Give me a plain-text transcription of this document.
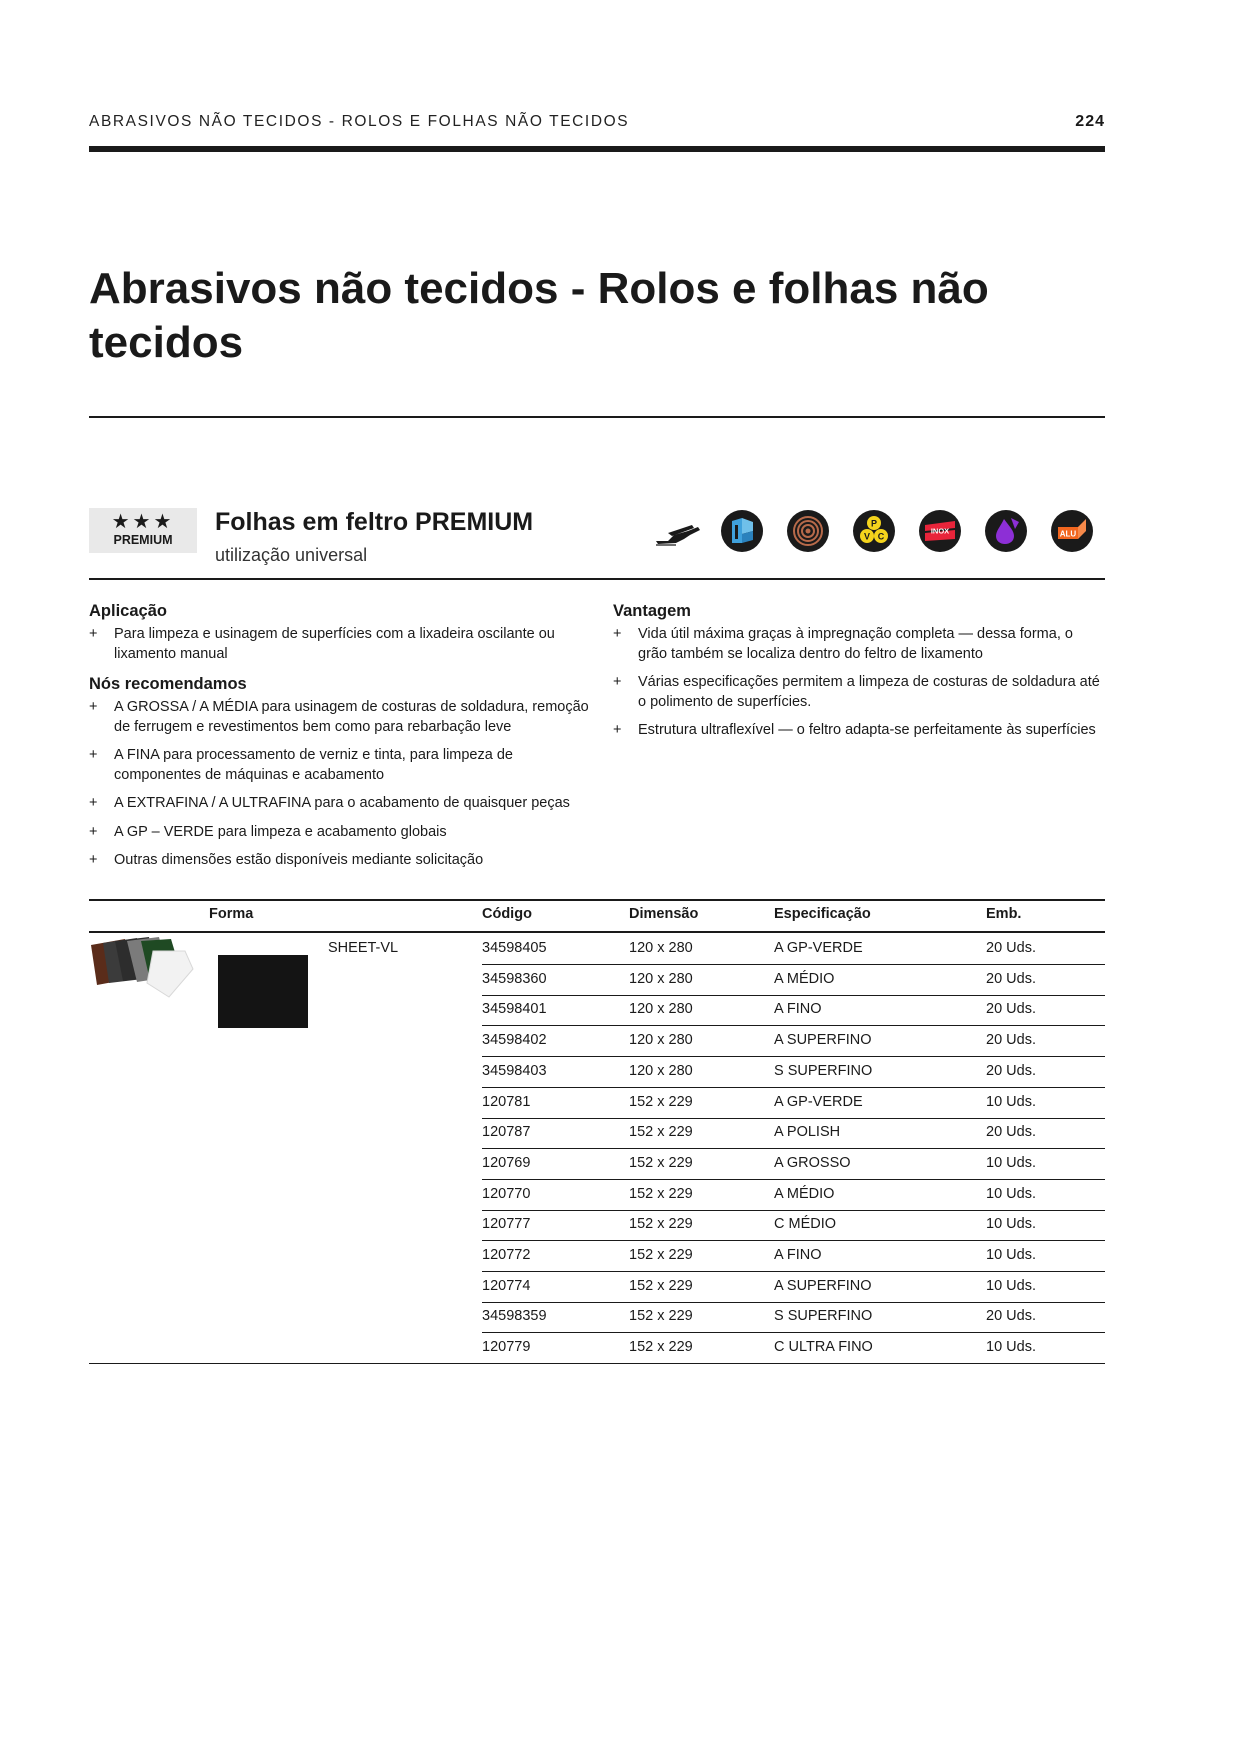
ABRASIVOS NÃO TECIDOS - ROLOS E FOLHAS NÃO TECIDOS	224
Abrasivos não tecidos - Rolos e folhas não tecidos
★★★
PREMIUM
Folhas em feltro PREMIUM
utilização universal
P
V C
INOX	ALU
Aplicação
+ Para limpeza e usinagem de superfícies com a lixadeira oscilante ou lixamento manual
Nós recomendamos
+ A GROSSA / A MÉDIA para usinagem de costuras de soldadura, remoção de ferrugem e revestimentos bem como para rebarbação leve
+ A FINA para processamento de verniz e tinta, para limpeza de componentes de máquinas e acabamento
+ A EXTRAFINA / A ULTRAFINA para o acabamento de quaisquer peças
+ A GP – VERDE para limpeza e acabamento globais
+ Outras dimensões estão disponíveis mediante solicitação
Vantagem
+ Vida útil máxima graças à impregnação completa — dessa forma, o grão também se localiza dentro do feltro de lixamento
+ Várias especificações permitem a limpeza de costuras de soldadura até o polimento de superfícies.
+ Estrutura ultraflexível — o feltro adapta-se perfeitamente às superfícies
Forma	Código	Dimensão	Especificação	Emb.
SHEET-VL	34598405	120 x 280	A GP-VERDE	20 Uds.
34598360	120 x 280	A MÉDIO	20 Uds.
34598401	120 x 280	A FINO	20 Uds.
34598402	120 x 280	A SUPERFINO	20 Uds.
34598403	120 x 280	S SUPERFINO	20 Uds.
120781	152 x 229	A GP-VERDE	10 Uds.
120787	152 x 229	A POLISH	20 Uds.
120769	152 x 229	A GROSSO	10 Uds.
120770	152 x 229	A MÉDIO	10 Uds.
120777	152 x 229	C MÉDIO	10 Uds.
120772	152 x 229	A FINO	10 Uds.
120774	152 x 229	A SUPERFINO	10 Uds.
34598359	152 x 229	S SUPERFINO	20 Uds.
120779	152 x 229	C ULTRA FINO	10 Uds.
